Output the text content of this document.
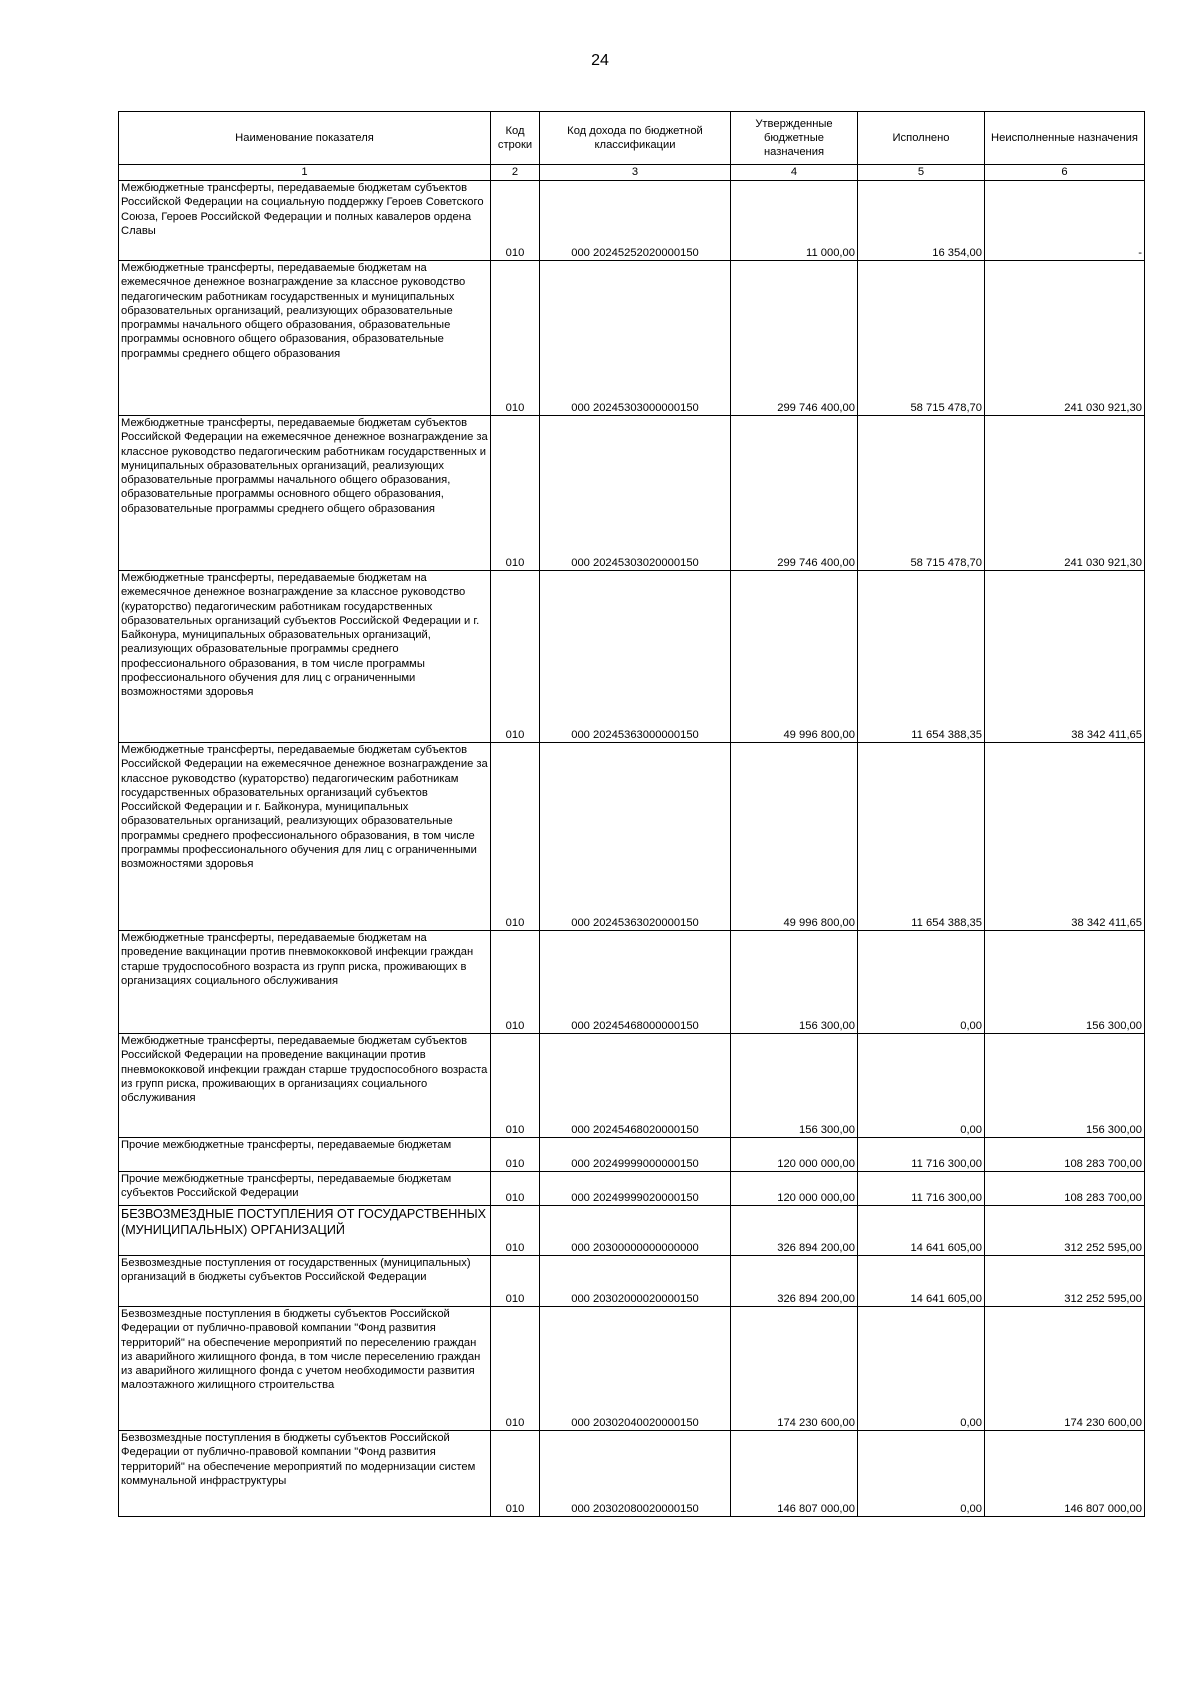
24
Наименование показателя	Код строки	Код дохода по бюджетной классификации	Утвержденные бюджетные назначения	Исполнено	Неисполненные назначения
1	2	3	4	5	6
Межбюджетные трансферты, передаваемые бюджетам субъектов Российской Федерации на социальную поддержку Героев Советского Союза, Героев Российской Федерации и полных кавалеров ордена Славы	010	000 20245252020000150	11 000,00	16 354,00	-
Межбюджетные трансферты, передаваемые бюджетам на ежемесячное денежное вознаграждение за классное руководство педагогическим работникам государственных и муниципальных образовательных организаций, реализующих образовательные программы начального общего образования, образовательные программы основного общего образования, образовательные программы среднего общего образования	010	000 20245303000000150	299 746 400,00	58 715 478,70	241 030 921,30
Межбюджетные трансферты, передаваемые бюджетам субъектов Российской Федерации на ежемесячное денежное вознаграждение за классное руководство педагогическим работникам государственных и муниципальных образовательных организаций, реализующих образовательные программы начального общего образования, образовательные программы основного общего образования, образовательные программы среднего общего образования	010	000 20245303020000150	299 746 400,00	58 715 478,70	241 030 921,30
Межбюджетные трансферты, передаваемые бюджетам на ежемесячное денежное вознаграждение за классное руководство (кураторство) педагогическим работникам государственных образовательных организаций субъектов Российской Федерации и г. Байконура, муниципальных образовательных организаций, реализующих образовательные программы среднего профессионального образования, в том числе программы профессионального обучения для лиц с ограниченными возможностями здоровья	010	000 20245363000000150	49 996 800,00	11 654 388,35	38 342 411,65
Межбюджетные трансферты, передаваемые бюджетам субъектов Российской Федерации на ежемесячное денежное вознаграждение за классное руководство (кураторство) педагогическим работникам государственных образовательных организаций субъектов Российской Федерации и г. Байконура, муниципальных образовательных организаций, реализующих образовательные программы среднего профессионального образования, в том числе программы профессионального обучения для лиц с ограниченными возможностями здоровья	010	000 20245363020000150	49 996 800,00	11 654 388,35	38 342 411,65
Межбюджетные трансферты, передаваемые бюджетам на проведение вакцинации против пневмококковой инфекции граждан старше трудоспособного возраста из групп риска, проживающих в организациях социального обслуживания	010	000 20245468000000150	156 300,00	0,00	156 300,00
Межбюджетные трансферты, передаваемые бюджетам субъектов Российской Федерации на проведение вакцинации против пневмококковой инфекции граждан старше трудоспособного возраста из групп риска, проживающих в организациях социального обслуживания	010	000 20245468020000150	156 300,00	0,00	156 300,00
Прочие межбюджетные трансферты, передаваемые бюджетам	010	000 20249999000000150	120 000 000,00	11 716 300,00	108 283 700,00
Прочие межбюджетные трансферты, передаваемые бюджетам субъектов Российской Федерации	010	000 20249999020000150	120 000 000,00	11 716 300,00	108 283 700,00
БЕЗВОЗМЕЗДНЫЕ ПОСТУПЛЕНИЯ ОТ ГОСУДАРСТВЕННЫХ (МУНИЦИПАЛЬНЫХ) ОРГАНИЗАЦИЙ	010	000 20300000000000000	326 894 200,00	14 641 605,00	312 252 595,00
Безвозмездные поступления от государственных (муниципальных) организаций в бюджеты субъектов Российской Федерации	010	000 20302000020000150	326 894 200,00	14 641 605,00	312 252 595,00
Безвозмездные поступления в бюджеты субъектов Российской Федерации от публично-правовой компании "Фонд развития территорий" на обеспечение мероприятий по переселению граждан из аварийного жилищного фонда, в том числе переселению граждан из аварийного жилищного фонда с учетом необходимости развития малоэтажного жилищного строительства	010	000 20302040020000150	174 230 600,00	0,00	174 230 600,00
Безвозмездные поступления в бюджеты субъектов Российской Федерации от публично-правовой компании "Фонд развития территорий" на обеспечение мероприятий по модернизации систем коммунальной инфраструктуры	010	000 20302080020000150	146 807 000,00	0,00	146 807 000,00
